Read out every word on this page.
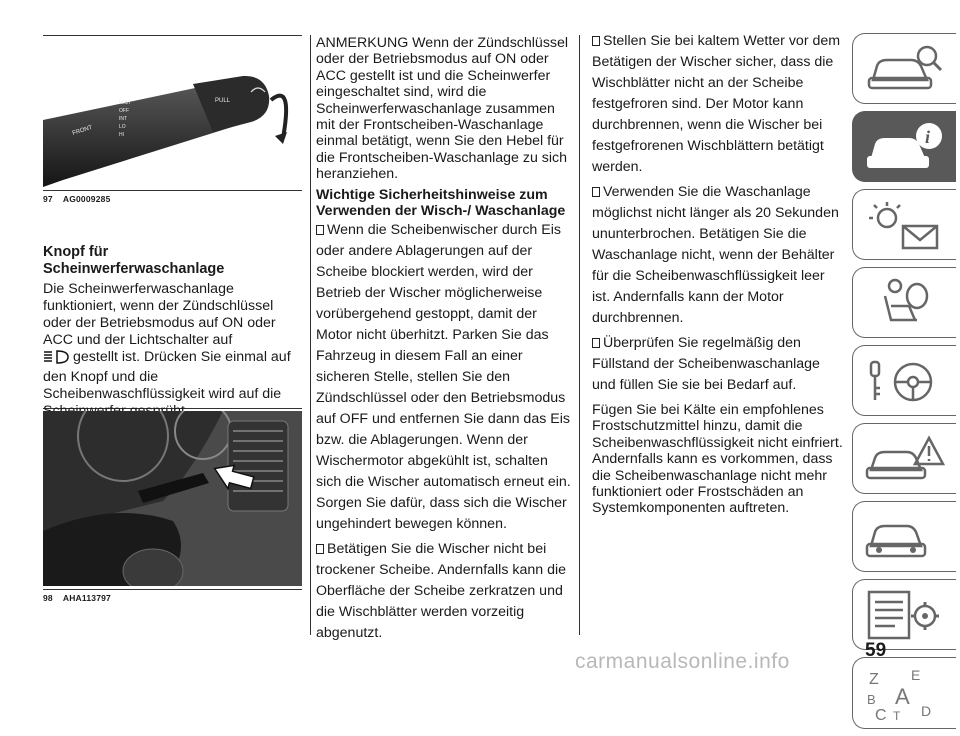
FRONT
MIST
OFF
INT
LO
HI
PULL
97 AG0009285
Knopf für
Scheinwerferwaschanlage

Die Scheinwerferwaschanlage funktioniert, wenn der Zündschlüssel oder der Betriebsmodus auf ON oder ACC und der Lichtschalter auf
gestellt ist. Drücken Sie einmal auf den Knopf und die Scheibenwaschflüssigkeit wird auf die

98 AHA113797

ANMERKUNG Wenn der Zündschlüssel oder der Betriebsmodus auf ON oder ACC gestellt ist und die Scheinwerfer eingeschaltet sind, wird die Scheinwerferwaschanlage zusammen mit der Frontscheiben-Waschanlage einmal betätigt, wenn Sie den Hebel für die Frontscheiben-Waschanlage zu sich heranziehen.

Wichtige Sicherheitshinweise zum Verwenden der Wisch-/ Waschanlage

Wenn die Scheibenwischer durch Eis oder andere Ablagerungen auf der Scheibe blockiert werden, wird der Betrieb der Wischer möglicherweise vorübergehend gestoppt, damit der Motor nicht überhitzt. Parken Sie das Fahrzeug in diesem Fall an einer sicheren Stelle, stellen Sie den Zündschlüssel oder den Betriebsmodus auf OFF und entfernen Sie dann das Eis bzw. die Ablagerungen. Wenn der Wischermotor abgekühlt ist, schalten sich die Wischer automatisch erneut ein. Sorgen Sie dafür, dass sich die Wischer ungehindert bewegen können.

Betätigen Sie die Wischer nicht bei trockener Scheibe. Andernfalls kann die Oberfläche der Scheibe zerkratzen und die Wischblätter werden vorzeitig abgenutzt.

Stellen Sie bei kaltem Wetter vor dem Betätigen der Wischer sicher, dass die Wischblätter nicht an der Scheibe festgefroren sind. Der Motor kann durchbrennen, wenn die Wischer bei festgefrorenen Wischblättern betätigt werden.

Verwenden Sie die Waschanlage möglichst nicht länger als 20 Sekunden ununterbrochen. Betätigen Sie die Waschanlage nicht, wenn der Behälter für die Scheibenwaschflüssigkeit leer ist. Andernfalls kann der Motor durchbrennen.

Überprüfen Sie regelmäßig den Füllstand der Scheibenwaschanlage und füllen Sie sie bei Bedarf auf.

Fügen Sie bei Kälte ein empfohlenes Frostschutzmittel hinzu, damit die Scheibenwaschflüssigkeit nicht einfriert. Andernfalls kann es vorkommen, dass die Scheibenwaschanlage nicht mehr funktioniert oder Frostschäden an Systemkomponenten auftreten.

i
Z E
B A
C T D
59
carmanualsonline.info
